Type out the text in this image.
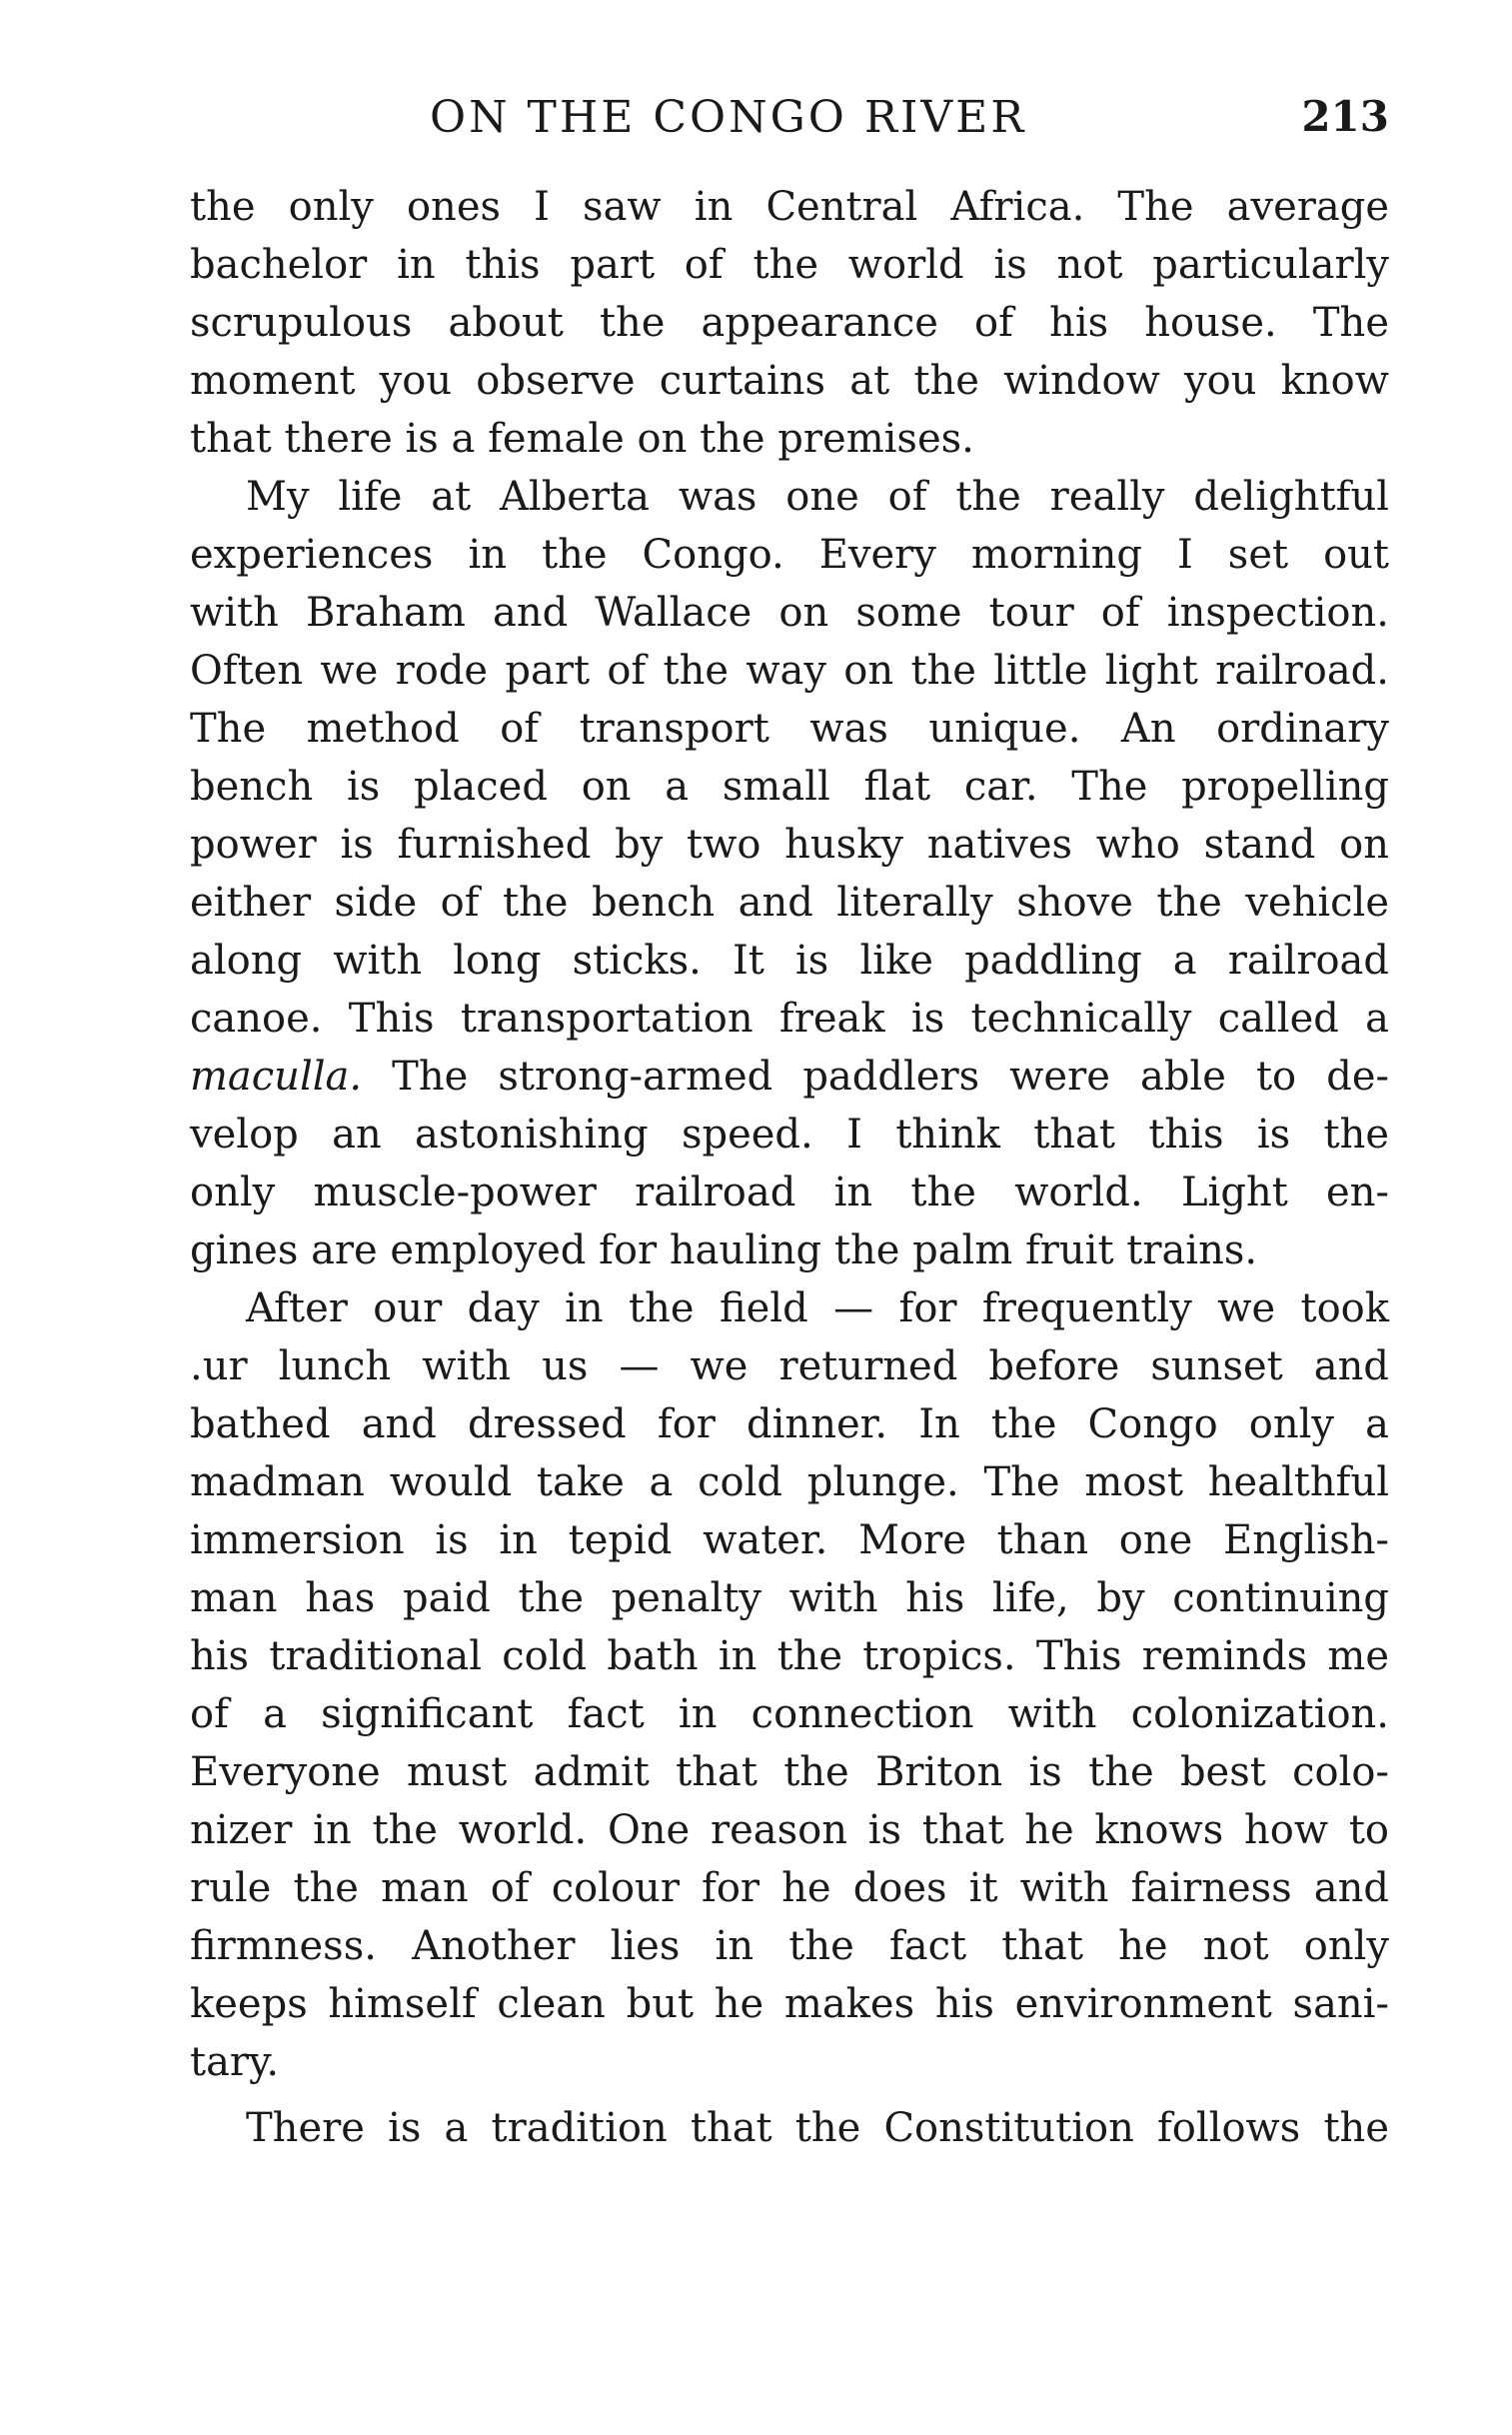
ON THE CONGO RIVER	213
the only ones I saw in Central Africa. The average
bachelor in this part of the world is not particularly
scrupulous about the appearance of his house. The
moment you observe curtains at the window you know
that there is a female on the premises.
My life at Alberta was one of the really delightful
experiences in the Congo. Every morning I set out
with Braham and Wallace on some tour of inspection.
Often we rode part of the way on the little light railroad.
The method of transport was unique. An ordinary
bench is placed on a small flat car. The propelling
power is furnished by two husky natives who stand on
either side of the bench and literally shove the vehicle
along with long sticks. It is like paddling a railroad
canoe. This transportation freak is technically called a
maculla. The strong-armed paddlers were able to de-
velop an astonishing speed. I think that this is the
only muscle-power railroad in the world. Light en-
gines are employed for hauling the palm fruit trains.
After our day in the field — for frequently we took
.ur lunch with us — we returned before sunset and
bathed and dressed for dinner. In the Congo only a
madman would take a cold plunge. The most healthful
immersion is in tepid water. More than one English-
man has paid the penalty with his life, by continuing
his traditional cold bath in the tropics. This reminds me
of a significant fact in connection with colonization.
Everyone must admit that the Briton is the best colo-
nizer in the world. One reason is that he knows how to
rule the man of colour for he does it with fairness and
firmness. Another lies in the fact that he not only
keeps himself clean but he makes his environment sani-
tary.
There is a tradition that the Constitution follows the
